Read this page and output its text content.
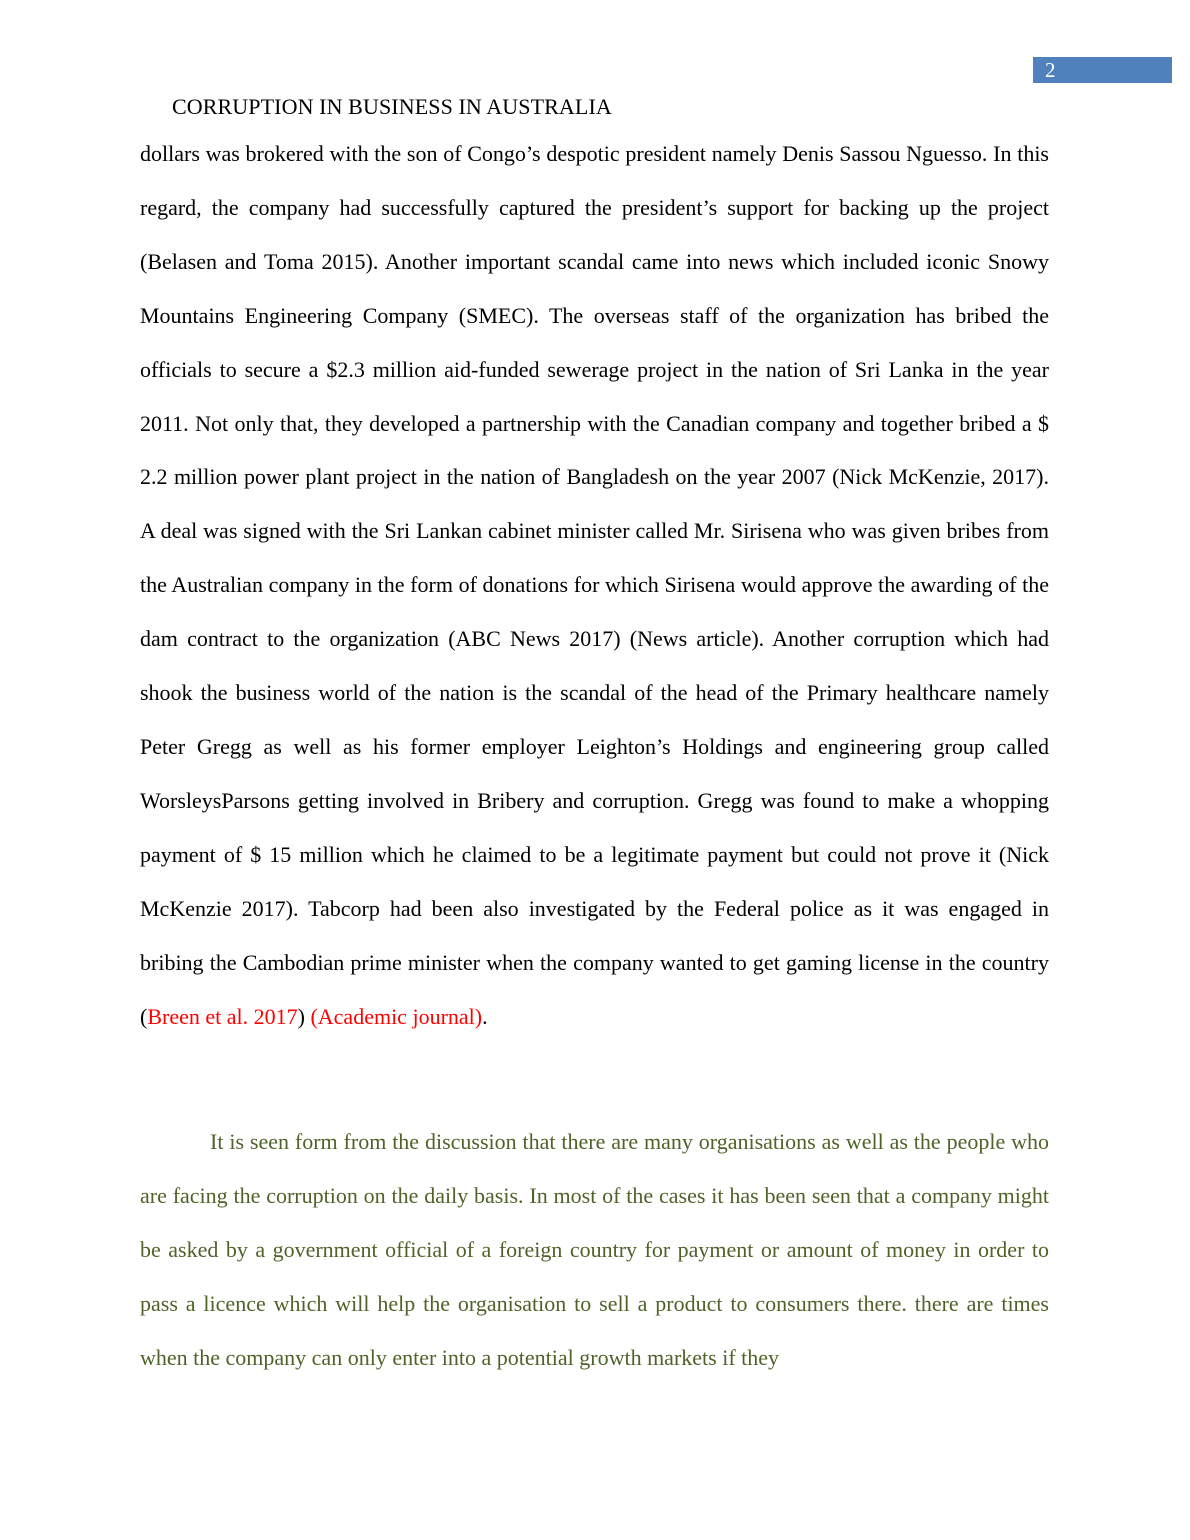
2
CORRUPTION IN BUSINESS IN AUSTRALIA

dollars was brokered with the son of Congo’s despotic president namely Denis Sassou Nguesso. In this regard, the company had successfully captured the president’s support for backing up the project (Belasen and Toma 2015). Another important scandal came into news which included iconic Snowy Mountains Engineering Company (SMEC). The overseas staff of the organization has bribed the officials to secure a $2.3 million aid-funded sewerage project in the nation of Sri Lanka in the year 2011. Not only that, they developed a partnership with the Canadian company and together bribed a $ 2.2 million power plant project in the nation of Bangladesh on the year 2007 (Nick McKenzie, 2017). A deal was signed with the Sri Lankan cabinet minister called Mr. Sirisena who was given bribes from the Australian company in the form of donations for which Sirisena would approve the awarding of the dam contract to the organization (ABC News 2017) (News article). Another corruption which had shook the business world of the nation is the scandal of the head of the Primary healthcare namely Peter Gregg as well as his former employer Leighton’s Holdings and engineering group called WorsleysParsons getting involved in Bribery and corruption. Gregg was found to make a whopping payment of $ 15 million which he claimed to be a legitimate payment but could not prove it (Nick McKenzie 2017). Tabcorp had been also investigated by the Federal police as it was engaged in bribing the Cambodian prime minister when the company wanted to get gaming license in the country (Breen et al. 2017) (Academic journal).

It is seen form from the discussion that there are many organisations as well as the people who are facing the corruption on the daily basis. In most of the cases it has been seen that a company might be asked by a government official of a foreign country for payment or amount of money in order to pass a licence which will help the organisation to sell a product to consumers there. there are times when the company can only enter into a potential growth markets if they
